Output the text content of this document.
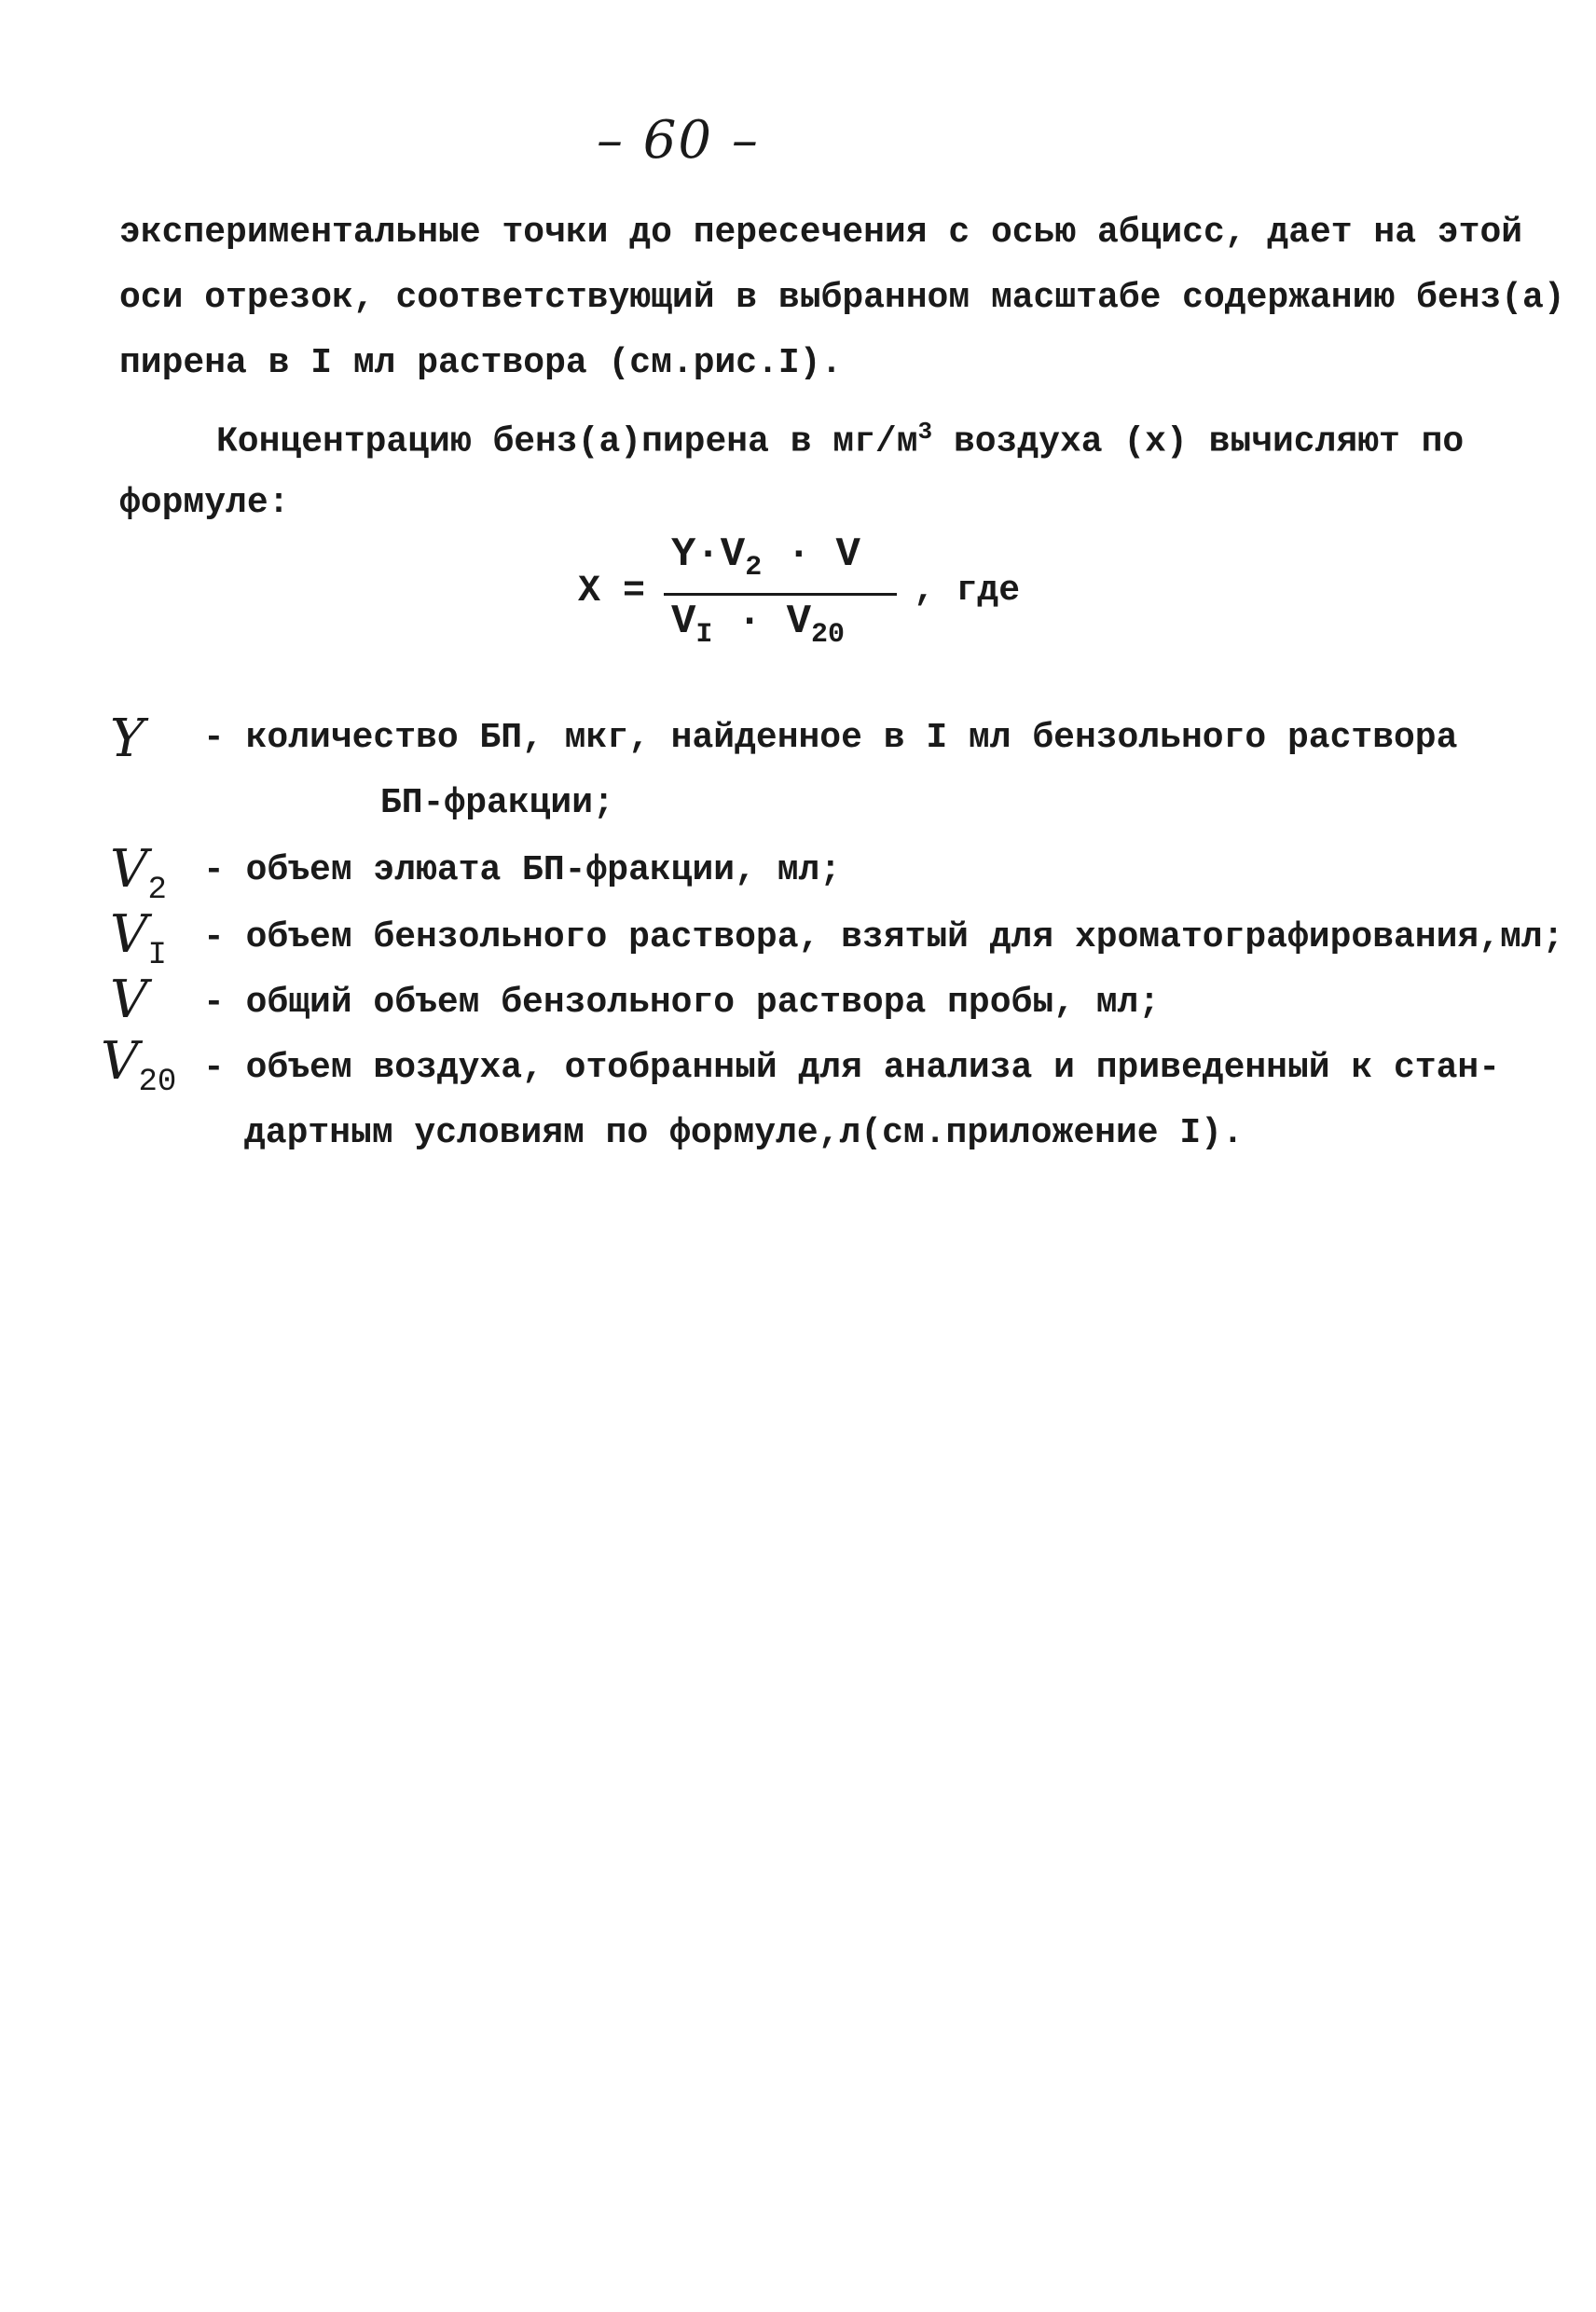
– 60 –
экспериментальные точки до пересечения с осью абцисс, дает на этой
оси отрезок, соответствующий в выбранном масштабе содержанию бенз(а)
пирена в I мл раствора (см.рис.I).
Концентрацию бенз(а)пирена в $мг/м^3$ воздуха (х) вычисляют по
формуле:
Х =
$Y\cdot V_2 \cdot V$
$V_I \cdot V_{20}$
, где
Y - количество БП, мкг, найденное в I мл бензольного раствора
БП-фракции;
$V_2$ - объем элюата БП-фракции, мл;
$V_I$ - объем бензольного раствора, взятый для хроматографирования,мл;
V - общий объем бензольного раствора пробы, мл;
$V_{20}$ - объем воздуха, отобранный для анализа и приведенный к стан-
дартным условиям по формуле,л(см.приложение I).
